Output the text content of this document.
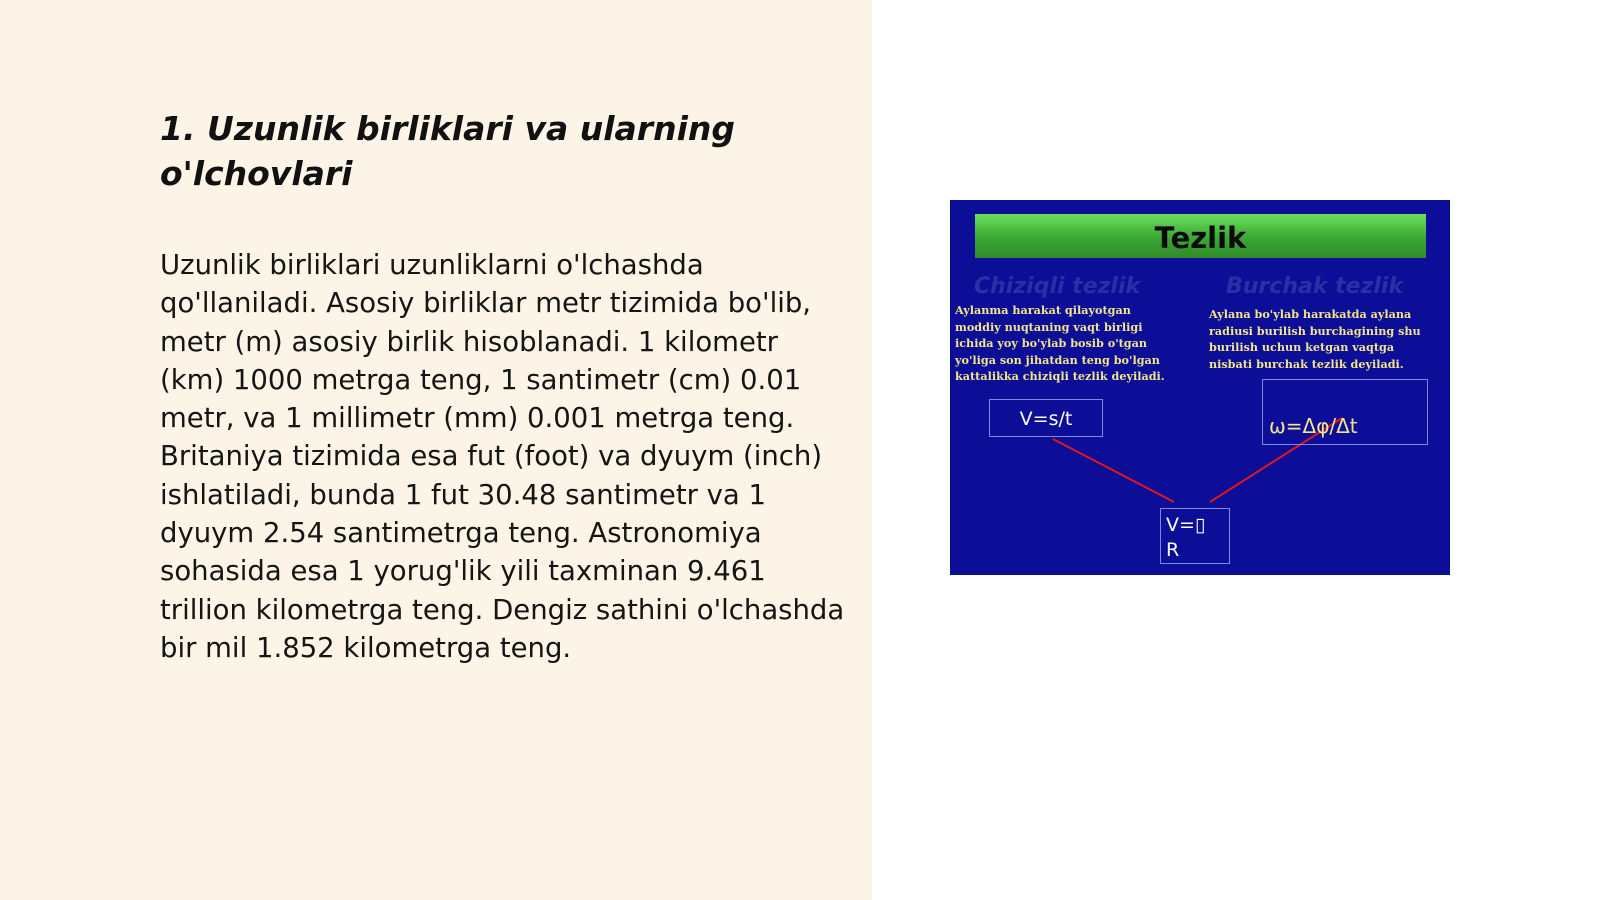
1. Uzunlik birliklari va ularning o'lchovlari

Uzunlik birliklari uzunliklarni o'lchashda qo'llaniladi. Asosiy birliklar metr tizimida bo'lib, metr (m) asosiy birlik hisoblanadi. 1 kilometr (km) 1000 metrga teng, 1 santimetr (cm) 0.01 metr, va 1 millimetr (mm) 0.001 metrga teng. Britaniya tizimida esa fut (foot) va dyuym (inch) ishlatiladi, bunda 1 fut 30.48 santimetr va 1 dyuym 2.54 santimetrga teng. Astronomiya sohasida esa 1 yorug'lik yili taxminan 9.461 trillion kilometrga teng. Dengiz sathini o'lchashda bir mil 1.852 kilometrga teng.

Tezlik
Chiziqli tezlik	Burchak tezlik
Aylanma harakat qilayotgan moddiy nuqtaning vaqt birligi ichida yoy bo'ylab bosib o'tgan yo'liga son jihatdan teng bo'lgan kattalikka chiziqli tezlik deyiladi.
Aylana bo'ylab harakatda aylana radiusi burilish burchagining shu burilish uchun ketgan vaqtga nisbati burchak tezlik deyiladi.
V=s/t	ω=Δφ/Δt
V=▯
R
